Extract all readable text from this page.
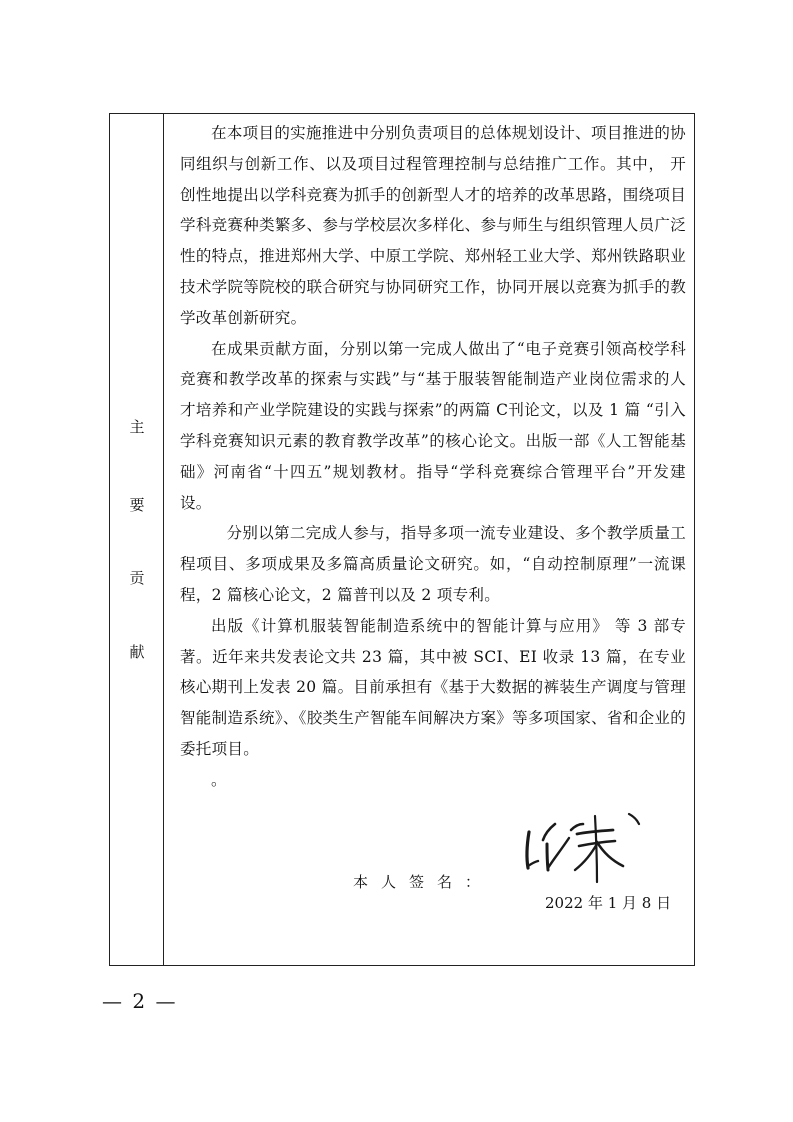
主
要
贡
献

在本项目的实施推进中分别负责项目的总体规划设计、项目推进的协同组织与创新工作、以及项目过程管理控制与总结推广工作。其中， 开创性地提出以学科竞赛为抓手的创新型人才的培养的改革思路，围绕项目学科竞赛种类繁多、参与学校层次多样化、参与师生与组织管理人员广泛性的特点，推进郑州大学、中原工学院、郑州轻工业大学、郑州铁路职业技术学院等院校的联合研究与协同研究工作，协同开展以竞赛为抓手的教学改革创新研究。

在成果贡献方面，分别以第一完成人做出了“电子竞赛引领高校学科竞赛和教学改革的探索与实践”与“基于服装智能制造产业岗位需求的人才培养和产业学院建设的实践与探索”的两篇 C刊论文，以及 1 篇 “引入学科竞赛知识元素的教育教学改革”的核心论文。出版一部《人工智能基础》河南省“十四五”规划教材。指导“学科竞赛综合管理平台”开发建设。

分别以第二完成人参与，指导多项一流专业建设、多个教学质量工程项目、多项成果及多篇高质量论文研究。如，“自动控制原理”一流课程，2 篇核心论文，2 篇普刊以及 2 项专利。

出版《计算机服装智能制造系统中的智能计算与应用》 等 3 部专著。近年来共发表论文共 23 篇，其中被 SCI、EI 收录 13 篇，在专业核心期刊上发表 20 篇。目前承担有《基于大数据的裤装生产调度与管理智能制造系统》、《胶类生产智能车间解决方案》等多项国家、省和企业的委托项目。

。

本人签名：
2022 年 1 月 8 日
— 2 —
